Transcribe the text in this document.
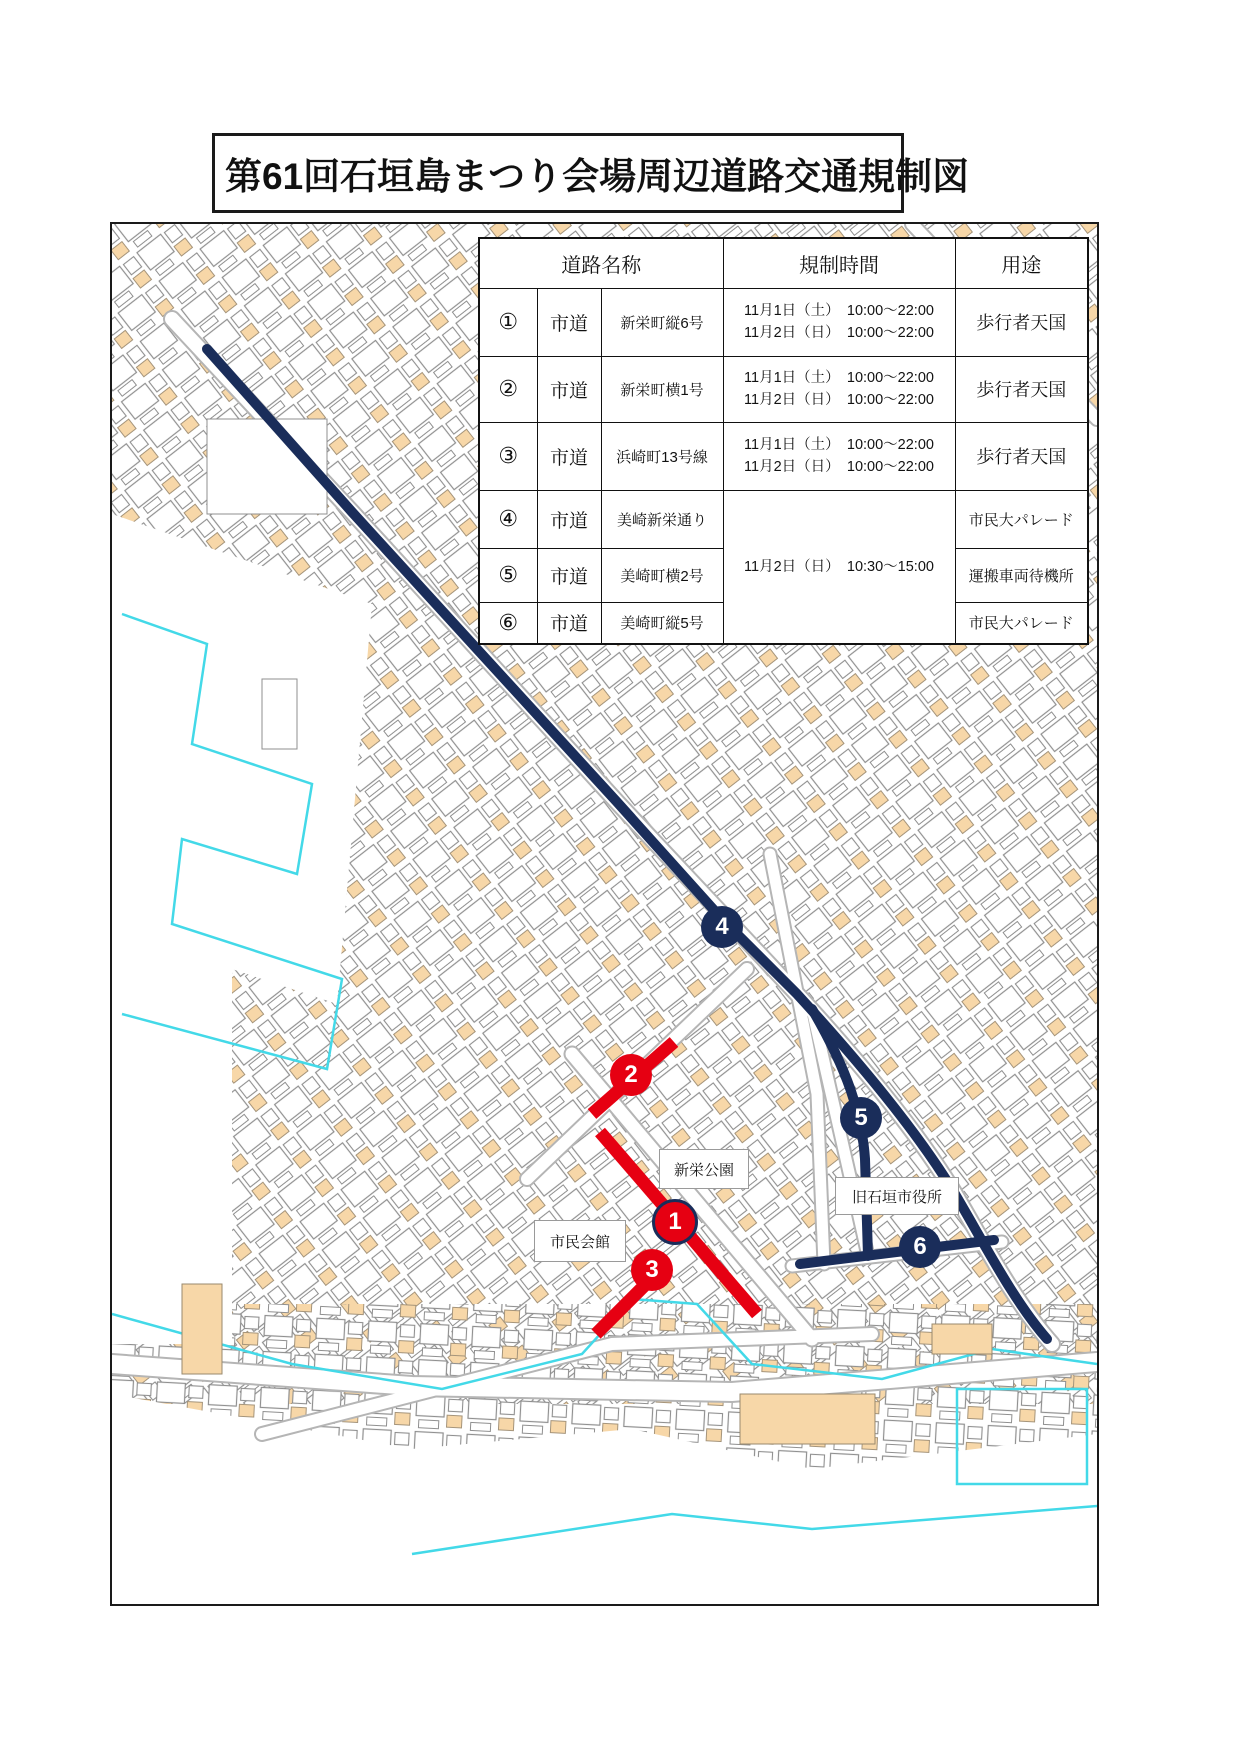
第61回石垣島まつり会場周辺道路交通規制図
新栄公園
市民会館
旧石垣市役所
1
2
3
4
5
6
道路名称			規制時間	用途
①	市道	新栄町縦6号	11月1日（土）　10:00〜22:00
11月2日（日）　10:00〜22:00	歩行者天国
②	市道	新栄町横1号	11月1日（土）　10:00〜22:00
11月2日（日）　10:00〜22:00	歩行者天国
③	市道	浜崎町13号線	11月1日（土）　10:00〜22:00
11月2日（日）　10:00〜22:00	歩行者天国
④	市道	美崎新栄通り	11月2日（日）　10:30〜15:00	市民大パレード
⑤	市道	美崎町横2号		運搬車両待機所
⑥	市道	美崎町縦5号		市民大パレード
